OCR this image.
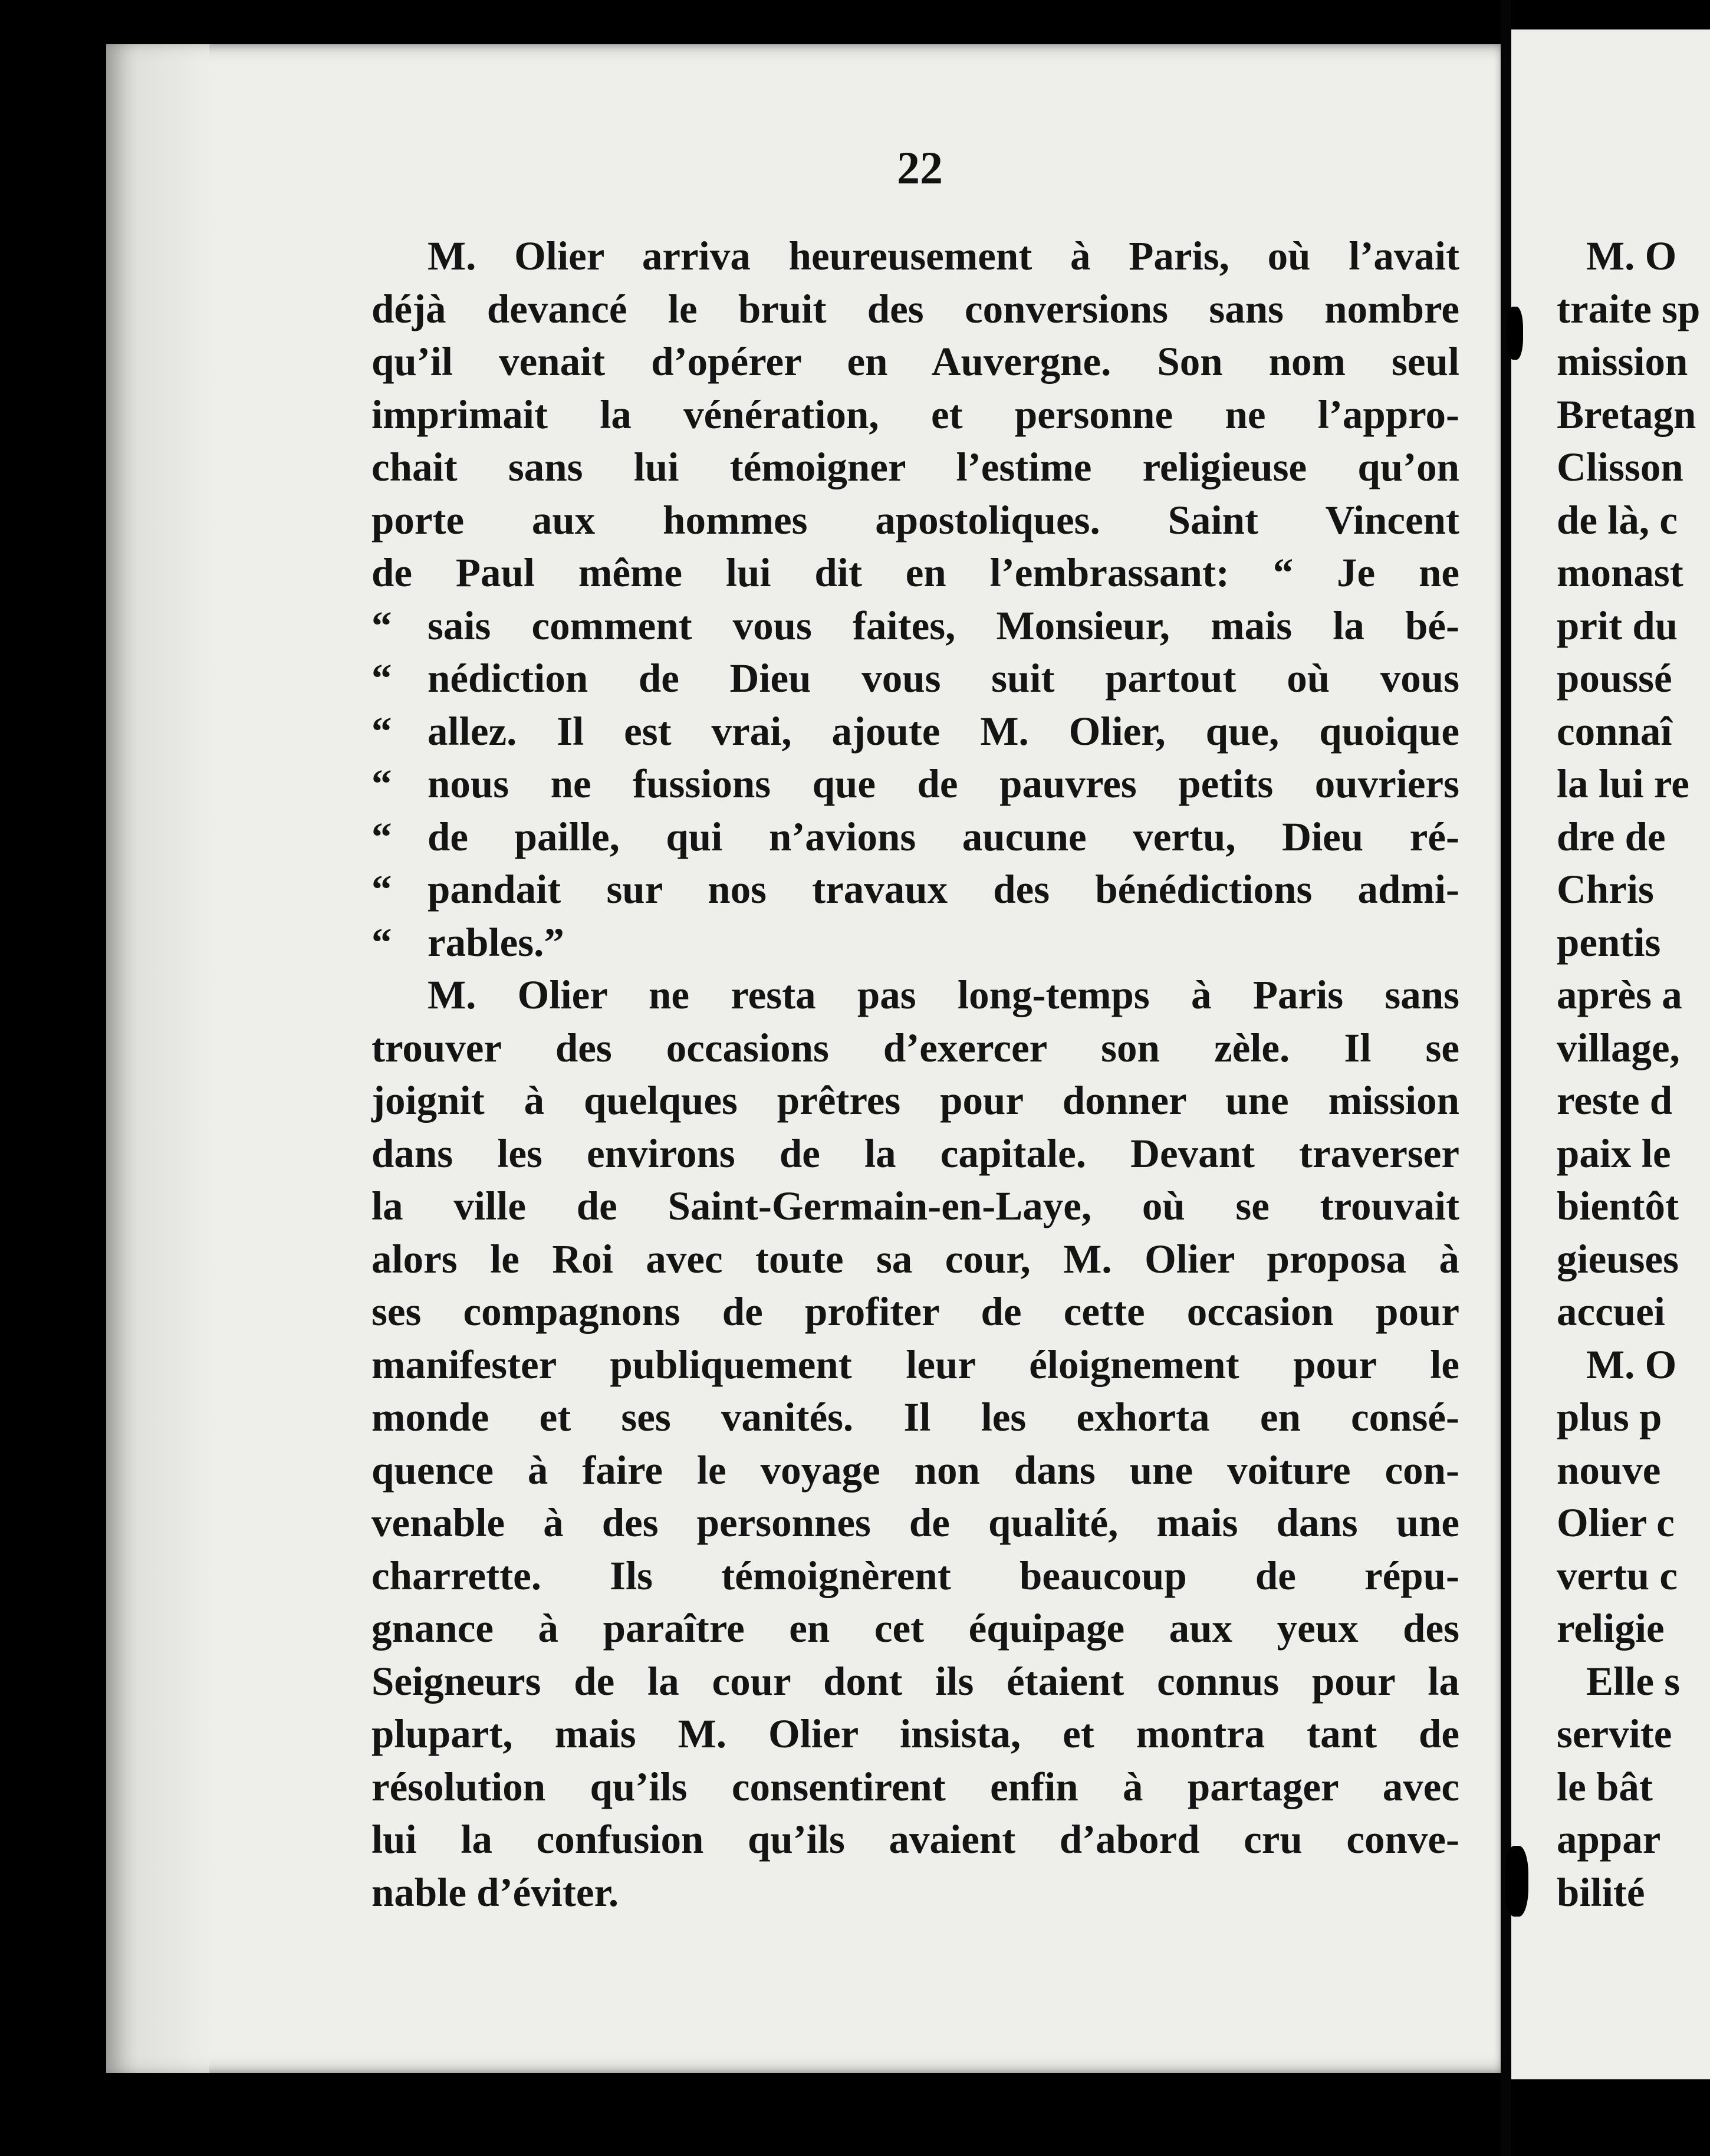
22
M. Olier arriva heureusement à Paris, où l’avait
déjà devancé le bruit des conversions sans nombre
qu’il venait d’opérer en Auvergne. Son nom seul
imprimait la vénération, et personne ne l’appro-
chait sans lui témoigner l’estime religieuse qu’on
porte aux hommes apostoliques. Saint Vincent
de Paul même lui dit en l’embrassant: “ Je ne
“ sais comment vous faites, Monsieur, mais la bé-
“ nédiction de Dieu vous suit partout où vous
“ allez. Il est vrai, ajoute M. Olier, que, quoique
“ nous ne fussions que de pauvres petits ouvriers
“ de paille, qui n’avions aucune vertu, Dieu ré-
“ pandait sur nos travaux des bénédictions admi-
“ rables.”
M. Olier ne resta pas long-temps à Paris sans
trouver des occasions d’exercer son zèle. Il se
joignit à quelques prêtres pour donner une mission
dans les environs de la capitale. Devant traverser
la ville de Saint-Germain-en-Laye, où se trouvait
alors le Roi avec toute sa cour, M. Olier proposa à
ses compagnons de profiter de cette occasion pour
manifester publiquement leur éloignement pour le
monde et ses vanités. Il les exhorta en consé-
quence à faire le voyage non dans une voiture con-
venable à des personnes de qualité, mais dans une
charrette. Ils témoignèrent beaucoup de répu-
gnance à paraître en cet équipage aux yeux des
Seigneurs de la cour dont ils étaient connus pour la
plupart, mais M. Olier insista, et montra tant de
résolution qu’ils consentirent enfin à partager avec
lui la confusion qu’ils avaient d’abord cru conve-
nable d’éviter.
M. O
traite sp
mission
Bretagn
Clisson
de là, c
monast
prit du
poussé
connaî
la lui re
dre de
Chris
pentis
après a
village,
reste d
paix le
bientôt
gieuses
accuei
M. O
plus p
nouve
Olier c
vertu c
religie
Elle s
servite
le bât
appar
bilité
